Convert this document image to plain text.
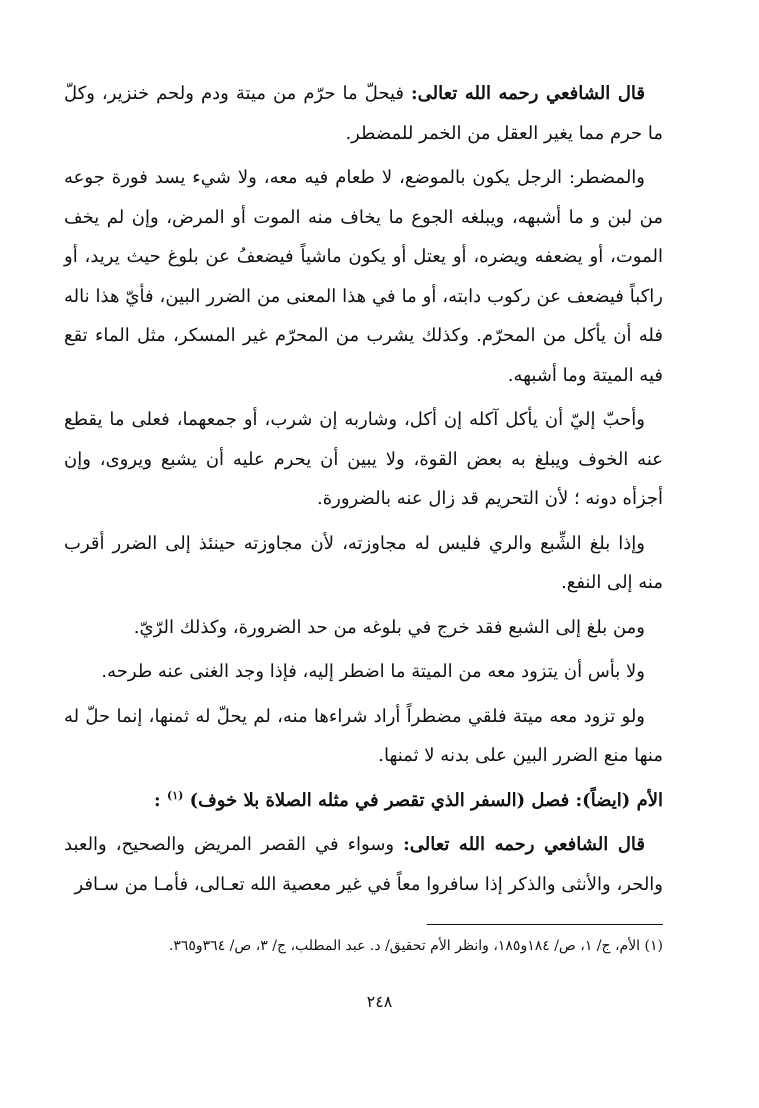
قال الشافعي رحمه الله تعالى: فيحلّ ما حرّم من ميتة ودم ولحم خنزير، وكلّ ما حرم مما يغير العقل من الخمر للمضطر.

والمضطر: الرجل يكون بالموضع، لا طعام فيه معه، ولا شيء يسد فورة جوعه من لبن و ما أشبهه، ويبلغه الجوع ما يخاف منه الموت أو المرض، وإن لم يخف الموت، أو يضعفه ويضره، أو يعتل أو يكون ماشياً فيضعفُ عن بلوغ حيث يريد، أو راكباً فيضعف عن ركوب دابته، أو ما في هذا المعنى من الضرر البين، فأيّ هذا ناله فله أن يأكل من المحرّم. وكذلك يشرب من المحرّم غير المسكر، مثل الماء تقع فيه الميتة وما أشبهه.

وأحبّ إليّ أن يأكل آكله إن أكل، وشاربه إن شرب، أو جمعهما، فعلى ما يقطع عنه الخوف ويبلغ به بعض القوة، ولا يبين أن يحرم عليه أن يشبع ويروى، وإن أجزأه دونه ؛ لأن التحريم قد زال عنه بالضرورة.

وإذا بلغ الشِّبع والري فليس له مجاوزته، لأن مجاوزته حينئذ إلى الضرر أقرب منه إلى النفع.

ومن بلغ إلى الشبع فقد خرج في بلوغه من حد الضرورة، وكذلك الرّيّ.

ولا بأس أن يتزود معه من الميتة ما اضطر إليه، فإذا وجد الغنى عنه طرحه.

ولو تزود معه ميتة فلقي مضطراً أراد شراءها منه، لم يحلّ له ثمنها، إنما حلّ له منها منع الضرر البين على بدنه لا ثمنها.

الأم (ايضاً): فصل (السفر الذي تقصر في مثله الصلاة بلا خوف) $^{(١)}$ :

قال الشافعي رحمه الله تعالى: وسواء في القصر المريض والصحيح، والعبد والحر، والأنثى والذكر إذا سافروا معاً في غير معصية الله تعـالى، فأمـا من سـافر

(١) الأم، ج/ ١، ص/ ١٨٤و١٨٥، وانظر الأم تحقيق/ د. عبد المطلب، ج/ ٣، ص/ ٣٦٤و٣٦٥.
٢٤٨
